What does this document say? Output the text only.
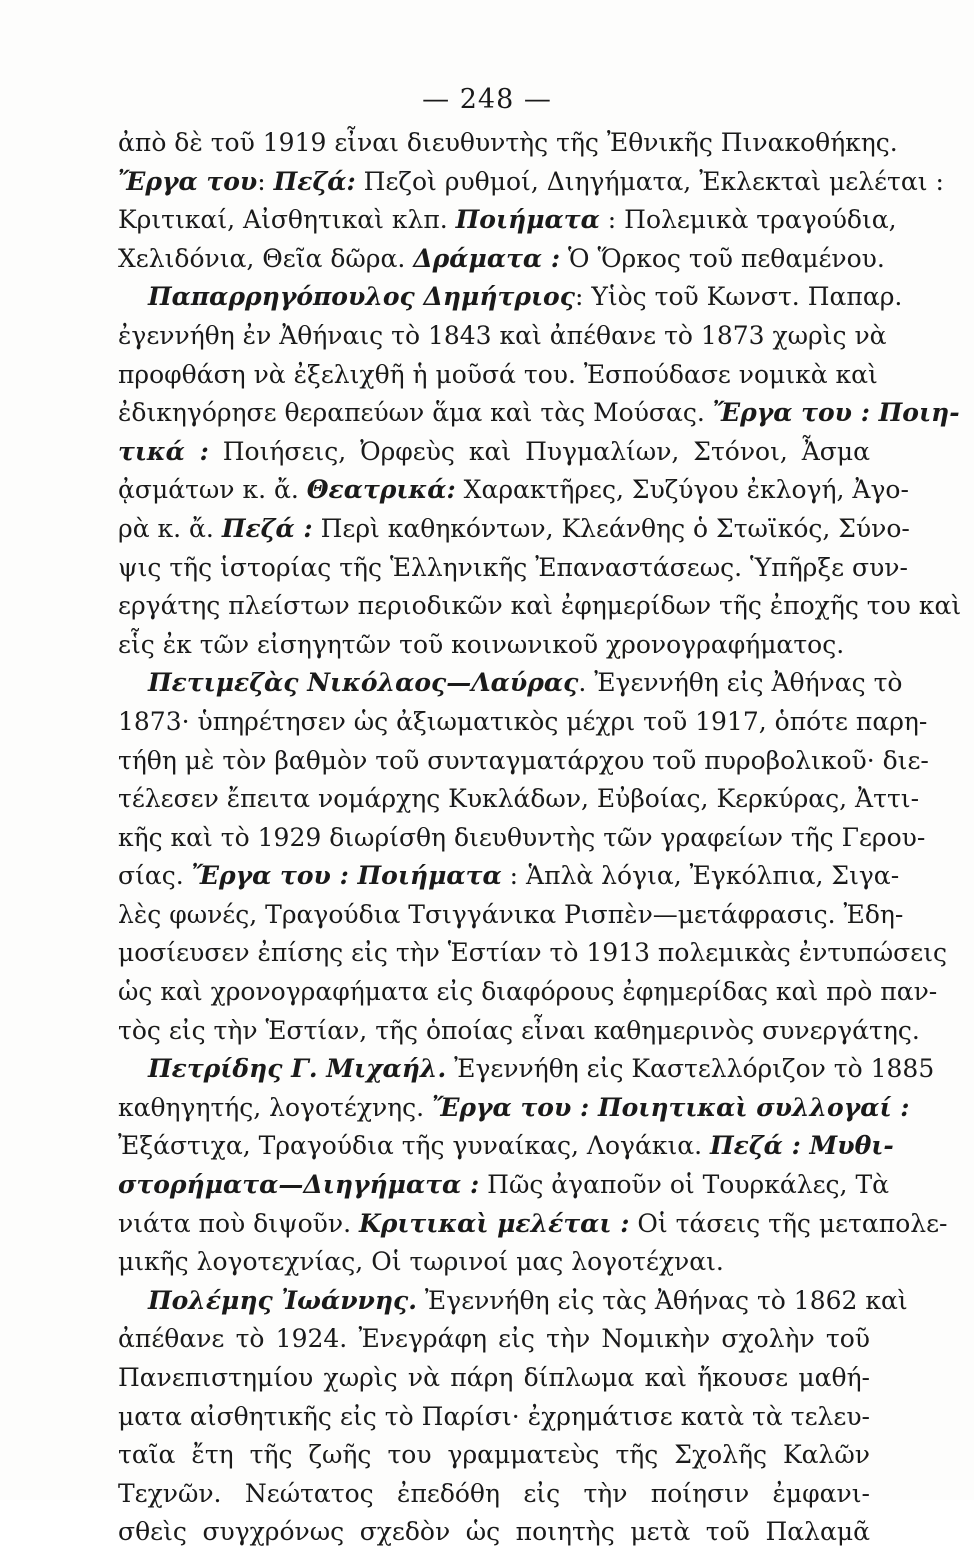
— 248 —
ἀπὸ δὲ τοῦ 1919 εἶναι διευθυντὴς τῆς Ἐθνικῆς Πινακοθήκης.
Ἔργα του: Πεζά: Πεζοὶ ρυθμοί, Διηγήματα, Ἐκλεκταὶ μελέται :
Κριτικαί, Αἰσθητικαὶ κλπ. Ποιήματα : Πολεμικὰ τραγούδια,
Χελιδόνια, Θεῖα δῶρα. Δράματα : Ὁ Ὅρκος τοῦ πεθαμένου.
Παπαρρηγόπουλος Δημήτριος: Υἱὸς τοῦ Κωνστ. Παπαρ.
ἐγεννήθη ἐν Ἀθήναις τὸ 1843 καὶ ἀπέθανε τὸ 1873 χωρὶς νὰ
προφθάση νὰ ἐξελιχθῆ ἡ μοῦσά του. Ἐσπούδασε νομικὰ καὶ
ἐδικηγόρησε θεραπεύων ἅμα καὶ τὰς Μούσας. Ἔργα του : Ποιη-
τικά : Ποιήσεις, Ὀρφεὺς καὶ Πυγμαλίων, Στόνοι, Ἆσμα
ᾀσμάτων κ. ἄ. Θεατρικά: Χαρακτῆρες, Συζύγου ἐκλογή, Ἀγο-
ρὰ κ. ἄ. Πεζά : Περὶ καθηκόντων, Κλεάνθης ὁ Στωϊκός, Σύνο-
ψις τῆς ἱστορίας τῆς Ἑλληνικῆς Ἐπαναστάσεως. Ὑπῆρξε συν-
εργάτης πλείστων περιοδικῶν καὶ ἐφημερίδων τῆς ἐποχῆς του καὶ
εἷς ἐκ τῶν εἰσηγητῶν τοῦ κοινωνικοῦ χρονογραφήματος.
Πετιμεζὰς Νικόλαος—Λαύρας. Ἐγεννήθη εἰς Ἀθήνας τὸ
1873· ὑπηρέτησεν ὡς ἀξιωματικὸς μέχρι τοῦ 1917, ὁπότε παρη-
τήθη μὲ τὸν βαθμὸν τοῦ συνταγματάρχου τοῦ πυροβολικοῦ· διε-
τέλεσεν ἔπειτα νομάρχης Κυκλάδων, Εὐβοίας, Κερκύρας, Ἀττι-
κῆς καὶ τὸ 1929 διωρίσθη διευθυντὴς τῶν γραφείων τῆς Γερου-
σίας. Ἔργα του : Ποιήματα : Ἁπλὰ λόγια, Ἐγκόλπια, Σιγα-
λὲς φωνές, Τραγούδια Τσιγγάνικα Ρισπὲν—μετάφρασις. Ἐδη-
μοσίευσεν ἐπίσης εἰς τὴν Ἑστίαν τὸ 1913 πολεμικὰς ἐντυπώσεις
ὡς καὶ χρονογραφήματα εἰς διαφόρους ἐφημερίδας καὶ πρὸ παν-
τὸς εἰς τὴν Ἑστίαν, τῆς ὁποίας εἶναι καθημερινὸς συνεργάτης.
Πετρίδης Γ. Μιχαήλ. Ἐγεννήθη εἰς Καστελλόριζον τὸ 1885
καθηγητής, λογοτέχνης. Ἔργα του : Ποιητικαὶ συλλογαί :
Ἐξάστιχα, Τραγούδια τῆς γυναίκας, Λογάκια. Πεζά : Μυθι-
στορήματα—Διηγήματα : Πῶς ἀγαποῦν οἱ Τουρκάλες, Τὰ
νιάτα ποὺ διψοῦν. Κριτικαὶ μελέται : Οἱ τάσεις τῆς μεταπολε-
μικῆς λογοτεχνίας, Οἱ τωρινοί μας λογοτέχναι.
Πολέμης Ἰωάννης. Ἐγεννήθη εἰς τὰς Ἀθήνας τὸ 1862 καὶ
ἀπέθανε τὸ 1924. Ἐνεγράφη εἰς τὴν Νομικὴν σχολὴν τοῦ
Πανεπιστημίου χωρὶς νὰ πάρη δίπλωμα καὶ ἤκουσε μαθή-
ματα αἰσθητικῆς εἰς τὸ Παρίσι· ἐχρημάτισε κατὰ τὰ τελευ-
ταῖα ἔτη τῆς ζωῆς του γραμματεὺς τῆς Σχολῆς Καλῶν
Τεχνῶν. Νεώτατος ἐπεδόθη εἰς τὴν ποίησιν ἐμφανι-
σθεὶς συγχρόνως σχεδὸν ὡς ποιητὴς μετὰ τοῦ Παλαμᾶ
